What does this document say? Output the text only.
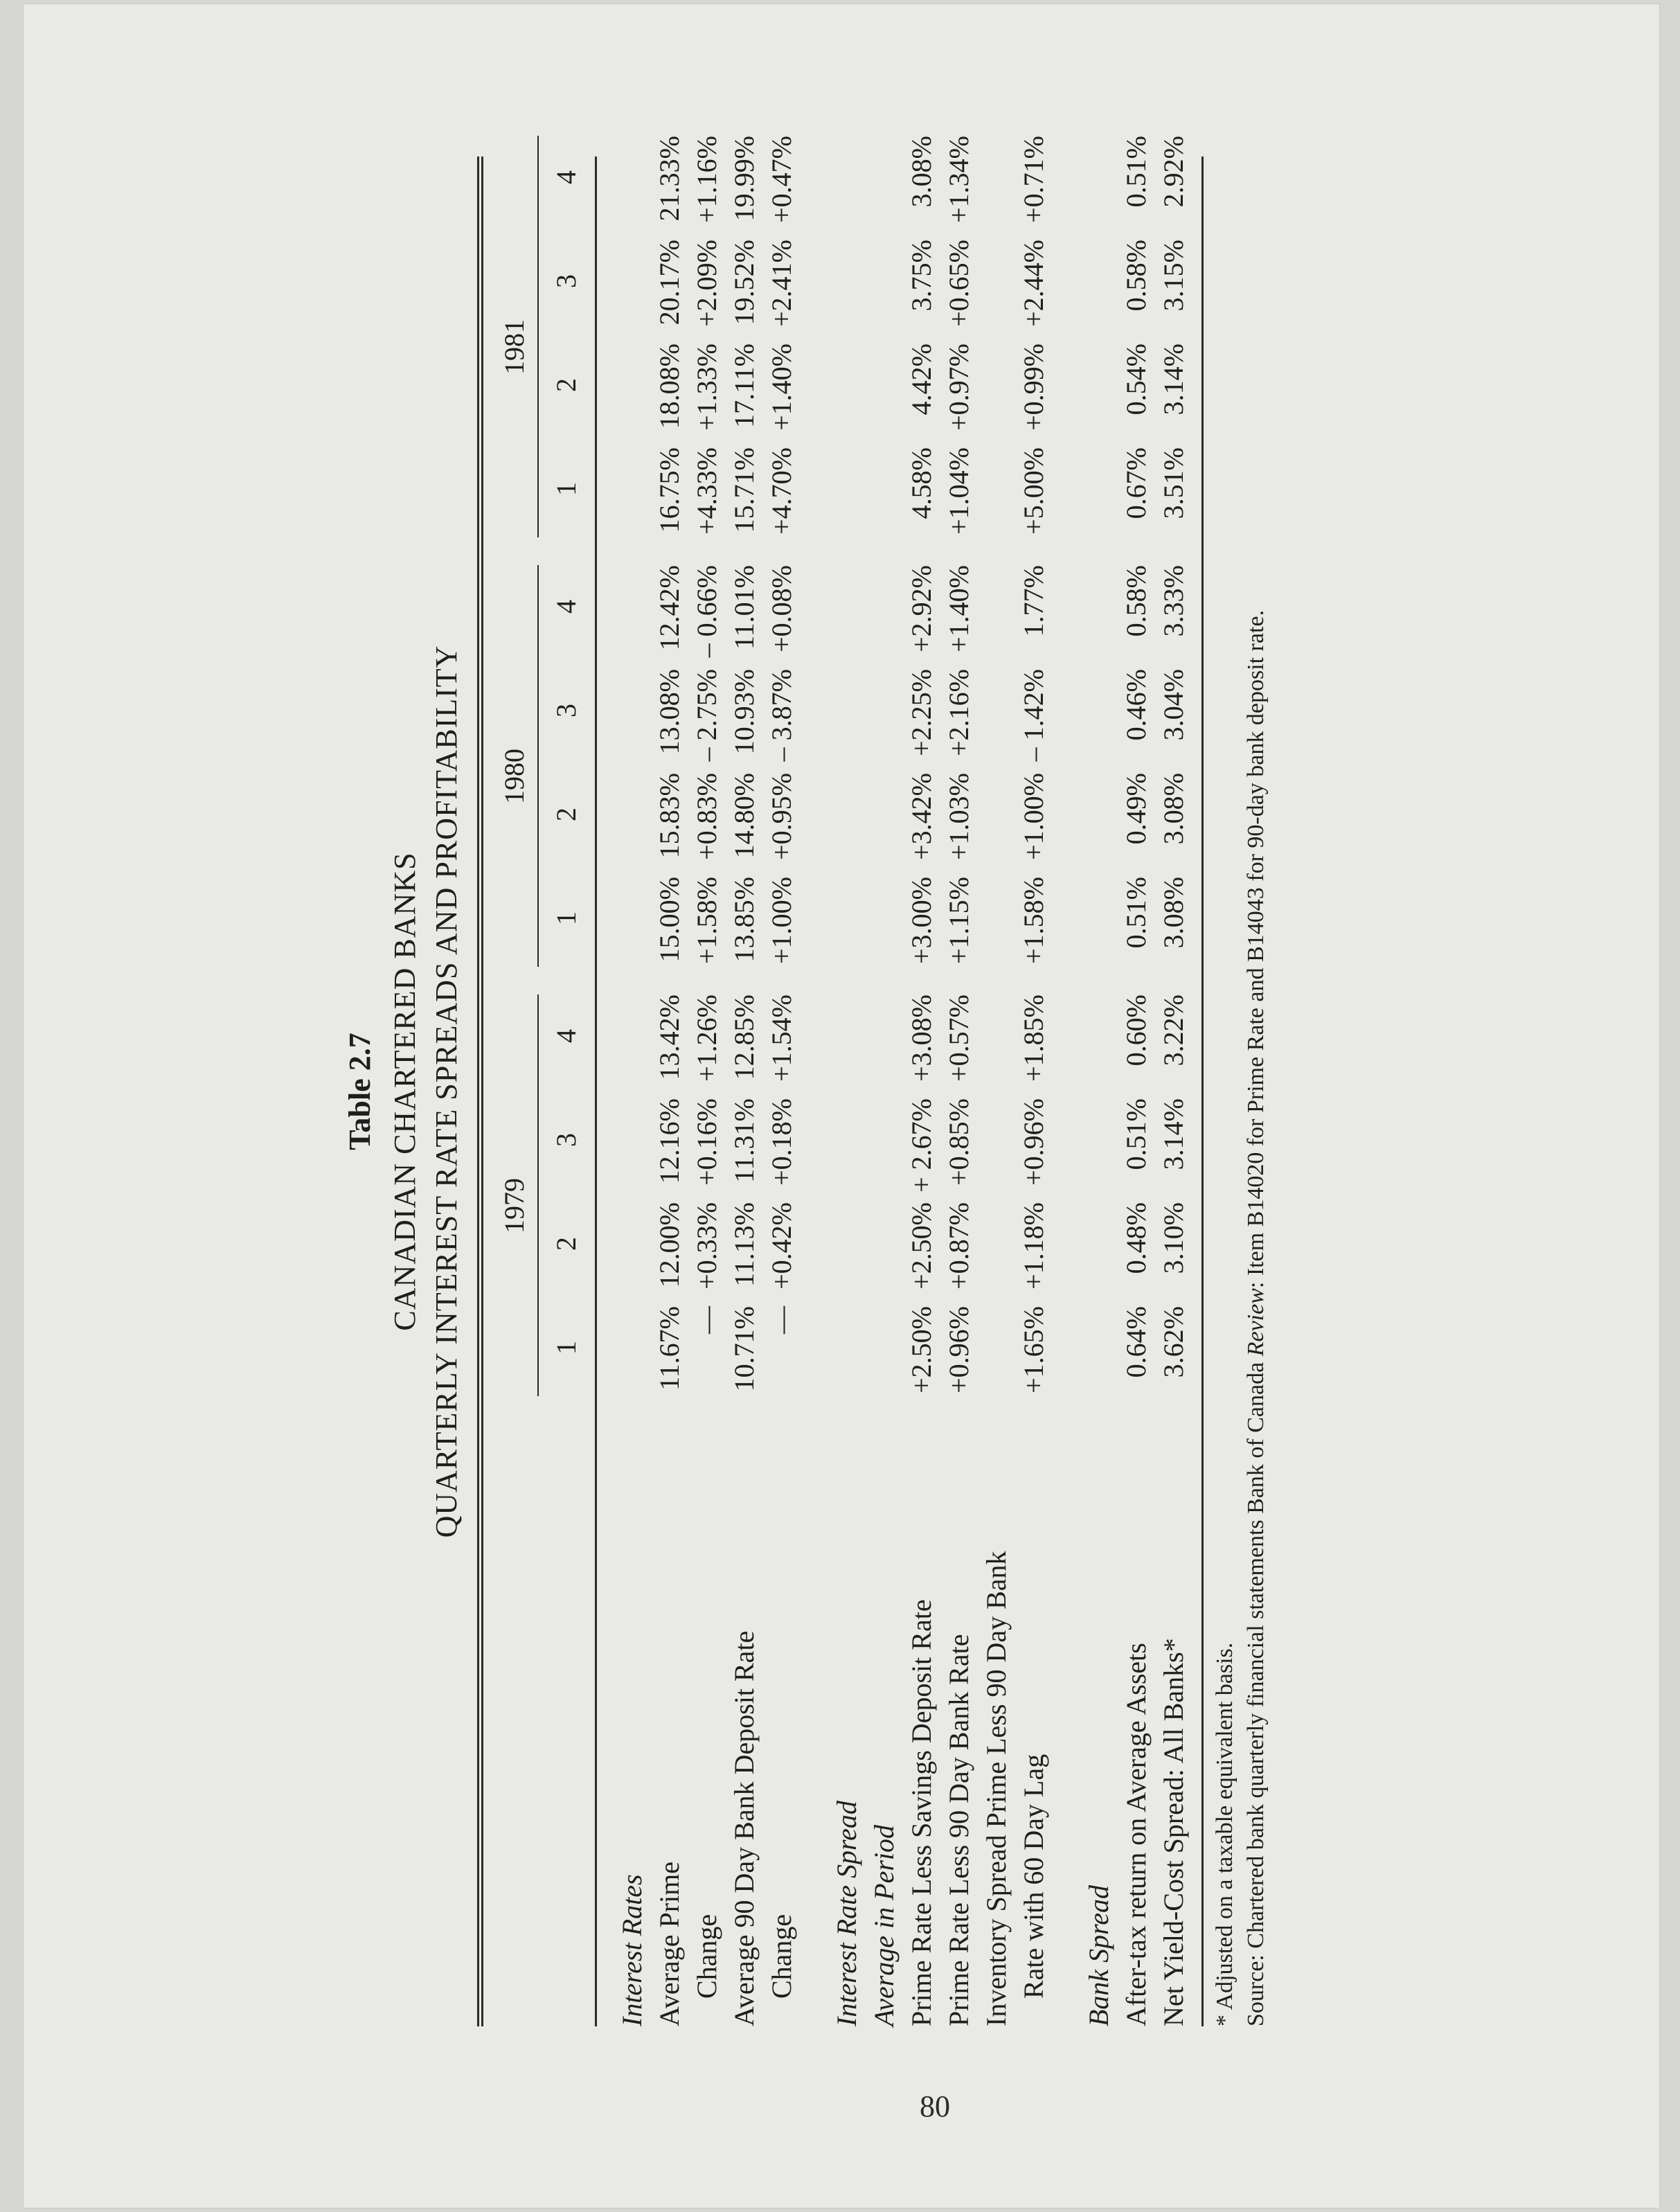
Table 2.7 CANADIAN CHARTERED BANKS QUARTERLY INTEREST RATE SPREADS AND PROFITABILITY 1979
1980
1981
1
2
3
4
1
2
3
4
1
2
3
4
Interest Rates Average Prime
11.67%
12.00%
12.16%
13.42%
15.00%
15.83%
13.08%
12.42%
16.75%
18.08%
20.17%
21.33%
Change
—
+0.33%
+0.16%
+1.26%
+1.58%
+0.83%
– 2.75%
– 0.66%
+4.33%
+1.33%
+2.09%
+1.16%
Average 90 Day Bank Deposit Rate
10.71%
11.13%
11.31%
12.85%
13.85%
14.80%
10.93%
11.01%
15.71%
17.11%
19.52%
19.99%
Change
—
+0.42%
+0.18%
+1.54%
+1.00%
+0.95%
– 3.87%
+0.08%
+4.70%
+1.40%
+2.41%
+0.47%
Interest Rate Spread Average in Period Prime Rate Less Savings Deposit Rate
+2.50%
+2.50%
+ 2.67%
+3.08%
+3.00%
+3.42%
+2.25%
+2.92%
4.58%
4.42%
3.75%
3.08%
Prime Rate Less 90 Day Bank Rate
+0.96%
+0.87%
+0.85%
+0.57%
+1.15%
+1.03%
+2.16%
+1.40%
+1.04%
+0.97%
+0.65%
+1.34%
Inventory Spread Prime Less 90 Day Bank Rate with 60 Day Lag
+1.65%
+1.18%
+0.96%
+1.85%
+1.58%
+1.00%
– 1.42%
1.77%
+5.00%
+0.99%
+2.44%
+0.71%
Bank Spread After-tax return on Average Assets
0.64%
0.48%
0.51%
0.60%
0.51%
0.49%
0.46%
0.58%
0.67%
0.54%
0.58%
0.51%
Net Yield-Cost Spread: All Banks*
3.62%
3.10%
3.14%
3.22%
3.08%
3.08%
3.04%
3.33%
3.51%
3.14%
3.15%
2.92%
* Adjusted on a taxable equivalent basis. Source: Chartered bank quarterly financial statements Bank of Canada Review: Item B14020 for Prime Rate and B14043 for 90-day bank deposit rate.
80
